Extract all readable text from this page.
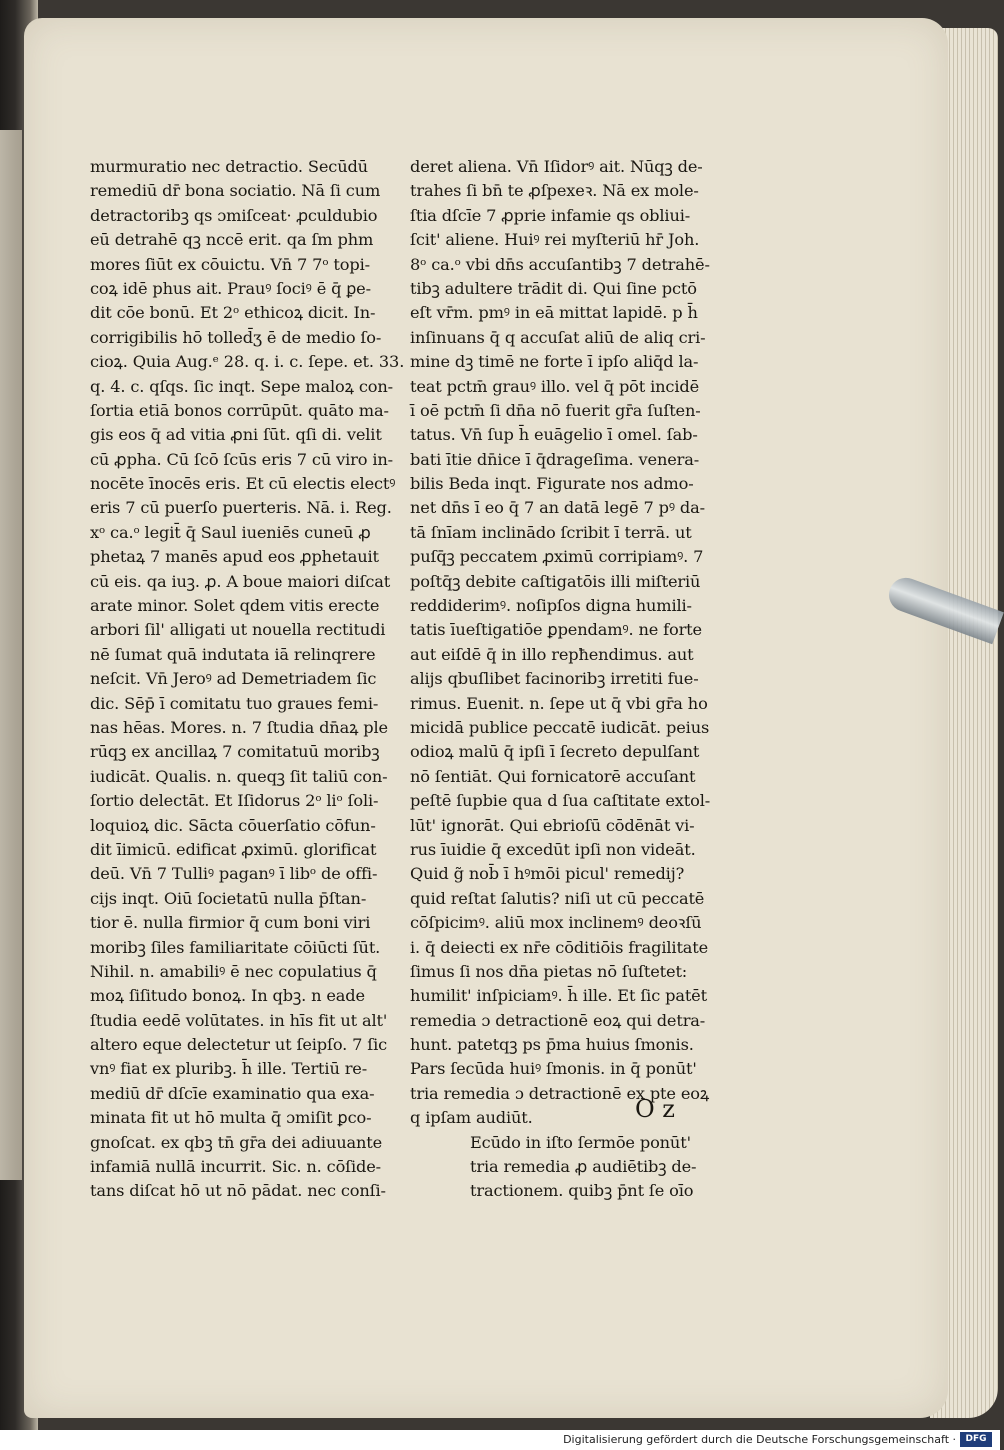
murmuratio nec detractio. Secūdū
remediū dr̄ bona sociatio. Nā ſi cum
detractoribꝫ qs ɔmiſceat· ꝓculdubio
eū detrahē qꝫ nccē erit. qa ſm phm
mores ſiūt ex cōuictu. Vn̄ 7 7ᵒ topi-
coꝝ idē phus ait. Prauꝰ ſociꝰ ē q̄ ꝑe-
dit cōe bonū. Et 2ᵒ ethicoꝝ dicit. In-
corrigibilis hō tolled̄ʒ ē de medio ſo-
cioꝝ. Quia Aug.ᵉ 28. q. i. c. ſepe. et. 33.
q. 4. c. qſqs. ſic inqt. Sepe maloꝝ con-
ſortia etiā bonos corrūpūt. quāto ma-
gis eos q̄ ad vitia ꝓni ſūt. qſi di. velit
cū ꝓpha. Cū ſcō ſcūs eris 7 cū viro in-
nocēte īnocēs eris. Et cū electis electꝰ
eris 7 cū puerſo puerteris. Nā. i. Reg.
xᵒ ca.ᵒ legit̄ q̄ Saul iueniēs cuneū ꝓ
phetaꝝ 7 manēs apud eos ꝓphetauit
cū eis. qa iuꝫ. ꝓ. A boue maiori diſcat
arate minor. Solet qdem vitis erecte
arbori ſil' alligati ut nouella rectitudi
nē ſumat quā indutata iā relinqrere
neſcit. Vn̄ Jeroꝰ ad Demetriadem ſic
dic. Sēp̄ ī comitatu tuo graues femi-
nas hēas. Mores. n. 7 ſtudia dn̄aꝝ ple
rūqꝫ ex ancillaꝝ 7 comitatuū moribꝫ
iudicāt. Qualis. n. queqꝫ ſit taliū con-
ſortio delectāt. Et Iſidorus 2ᵒ liᵒ ſoli-
loquioꝝ dic. Sācta cōuerſatio cōfun-
dit īimicū. edificat ꝓximū. glorificat
deū. Vn̄ 7 Tulliꝰ paganꝰ ī libᵒ de offi-
cijs inqt. Oiū ſocietatū nulla p̄ſtan-
tior ē. nulla firmior q̄ cum boni viri
moribꝫ ſiles familiaritate cōiūcti ſūt.
Nihil. n. amabiliꝰ ē nec copulatius q̄
moꝝ ſiſitudo bonoꝝ. In qbꝫ. n eade
ſtudia eedē volūtates. in hīs fit ut alt'
altero eque delectetur ut ſeipſo. 7 ſic
vnꝰ fiat ex pluribꝫ. h̄ ille. Tertiū re-
mediū dr̄ dſcīe examinatio qua exa-
minata fit ut hō multa q̄ ɔmiſit ꝑco-
gnoſcat. ex qbꝫ tn̄ gr̄a dei adiuuante
infamiā nullā incurrit. Sic. n. cōſide-
tans diſcat hō ut nō pādat. nec conſi-
deret aliena. Vn̄ Iſidorꝰ ait. Nūqꝫ de-
trahes ſi bn̄ te ꝓſpexeꝛ. Nā ex mole-
ſtia dſcīe 7 ꝓprie infamie qs obliui-
ſcit' aliene. Huiꝰ rei myſteriū hr̄ Joh.
8ᵒ ca.ᵒ vbi dn̄s accuſantibꝫ 7 detrahē-
tibꝫ adultere trādit di. Qui ſine pctō
eſt vr̄m. pmꝰ in eā mittat lapidē. p h̄
inſinuans q̄ q accuſat aliū de aliq cri-
mine dꝫ timē ne forte ī ipſo aliq̄d la-
teat pctm̄ grauꝰ illo. vel q̄ pōt incidē
ī oē pctm̄ ſi dn̄a nō fuerit gr̄a ſuſten-
tatus. Vn̄ ſup h̄ euāgelio ī omel. ſab-
bati ītie dn̄ice ī q̄drageſima. venera-
bilis Beda inqt. Figurate nos admo-
net dn̄s ī eo q̄ 7 an datā legē 7 pꝰ da-
tā ſnīam inclinādo ſcribit ī terrā. ut
puſq̄ꝫ peccatem ꝓximū corripiamꝰ. 7
poſtq̄ꝫ debite caſtigatōis illi miſteriū
reddiderimꝰ. noſipſos digna humili-
tatis īueſtigatiōe ꝑpendamꝰ. ne forte
aut eiſdē q̄ in illo repħendimus. aut
alijs qbuſlibet facinoribꝫ irretiti fue-
rimus. Euenit. n. ſepe ut q̄ vbi gr̄a ho
micidā publice peccatē iudicāt. peius
odioꝝ malū q̄ ipſi ī ſecreto depulſant
nō ſentiāt. Qui fornicatorē accuſant
peſtē ſupbie qua d ſua caſtitate extol-
lūt' ignorāt. Qui ebrioſū cōdēnāt vi-
rus īuidie q̄ excedūt ipſi non videāt.
Quid g̃ nob̄ ī hꝰmōi picul' remedij?
quid reſtat ſalutis? niſi ut cū peccatē
cōſpicimꝰ. aliū mox inclinemꝰ deoꝛſū
i. q̄ deiecti ex nr̄e cōditiōis fragilitate
ſimus ſi nos dn̄a pietas nō ſuſtetet:
humilit' inſpiciamꝰ. h̄ ille. Et ſic patēt
remedia ɔ detractionē eoꝝ qui detra-
hunt. patetqꝫ ps p̄ma huius ſmonis.
Pars ſecūda huiꝰ ſmonis. in q̄ ponūt'
tria remedia ɔ detractionē ex pte eoꝝ
q ipſam audiūt.
Ecūdo in iſto ſermōe ponūt'
tria remedia ꝓ audiētibꝫ de-
tractionem. quibꝫ p̄nt ſe oīo
O z
Digitalisierung gefördert durch die Deutsche Forschungsgemeinschaft ·	DFG
